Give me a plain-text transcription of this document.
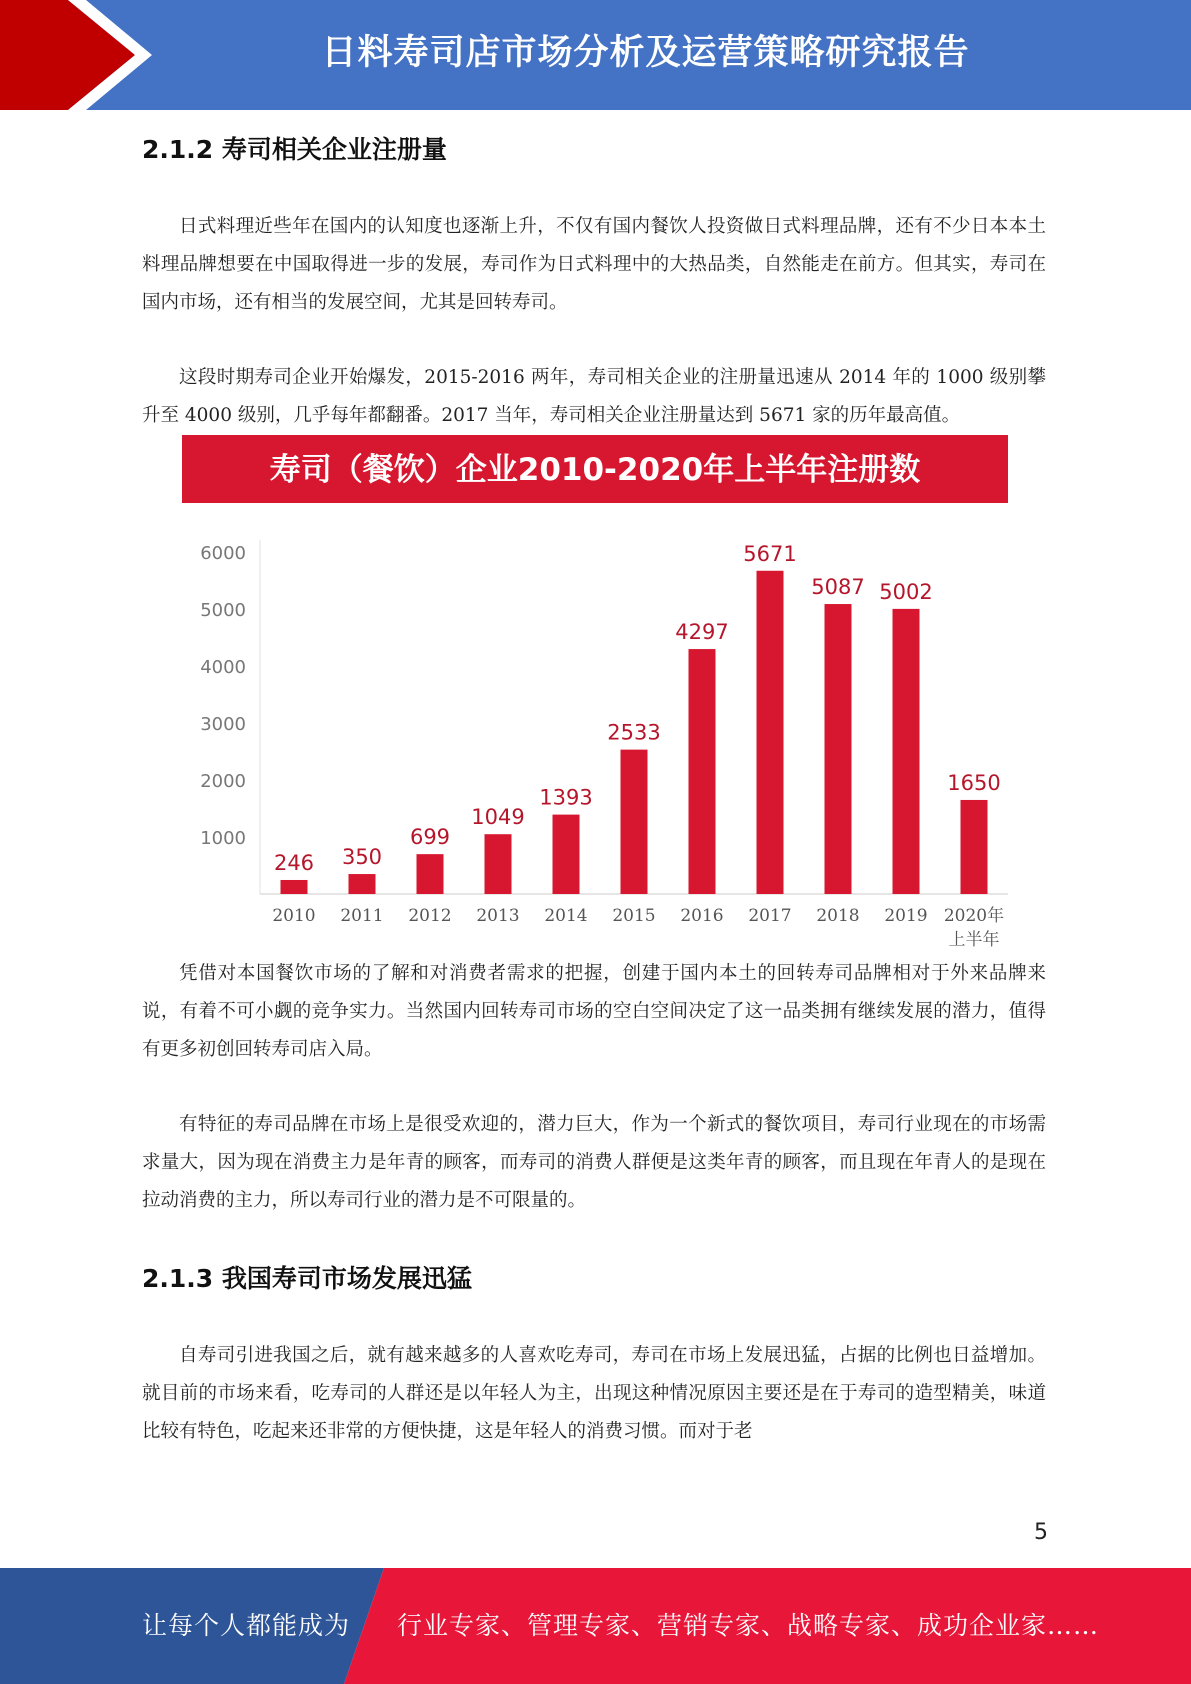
日料寿司店市场分析及运营策略研究报告
2.1.2 寿司相关企业注册量

日式料理近些年在国内的认知度也逐渐上升，不仅有国内餐饮人投资做日式料理品牌，还有不少日本本土料理品牌想要在中国取得进一步的发展，寿司作为日式料理中的大热品类，自然能走在前方。但其实，寿司在国内市场，还有相当的发展空间，尤其是回转寿司。

这段时期寿司企业开始爆发，2015-2016 两年，寿司相关企业的注册量迅速从 2014 年的 1000 级别攀升至 4000 级别，几乎每年都翻番。2017 当年，寿司相关企业注册量达到 5671 家的历年最高值。

寿司（餐饮）企业2010-2020年上半年注册数
1000
2000
3000
4000
5000
6000
2010 2011 2012 2013 2014 2015 2016 2017 2018 2019 2020年
上半年
246 350
699
1049
1393
2533
4297
5671
5087 5002
1650

凭借对本国餐饮市场的了解和对消费者需求的把握，创建于国内本土的回转寿司品牌相对于外来品牌来说，有着不可小觑的竞争实力。当然国内回转寿司市场的空白空间决定了这一品类拥有继续发展的潜力，值得有更多初创回转寿司店入局。

有特征的寿司品牌在市场上是很受欢迎的，潜力巨大，作为一个新式的餐饮项目，寿司行业现在的市场需求量大，因为现在消费主力是年青的顾客，而寿司的消费人群便是这类年青的顾客，而且现在年青人的是现在拉动消费的主力，所以寿司行业的潜力是不可限量的。

2.1.3 我国寿司市场发展迅猛

自寿司引进我国之后，就有越来越多的人喜欢吃寿司，寿司在市场上发展迅猛，占据的比例也日益增加。就目前的市场来看，吃寿司的人群还是以年轻人为主，出现这种情况原因主要还是在于寿司的造型精美，味道比较有特色，吃起来还非常的方便快捷，这是年轻人的消费习惯。而对于老

5
让每个人都能成为 行业专家、管理专家、营销专家、战略专家、成功企业家……
